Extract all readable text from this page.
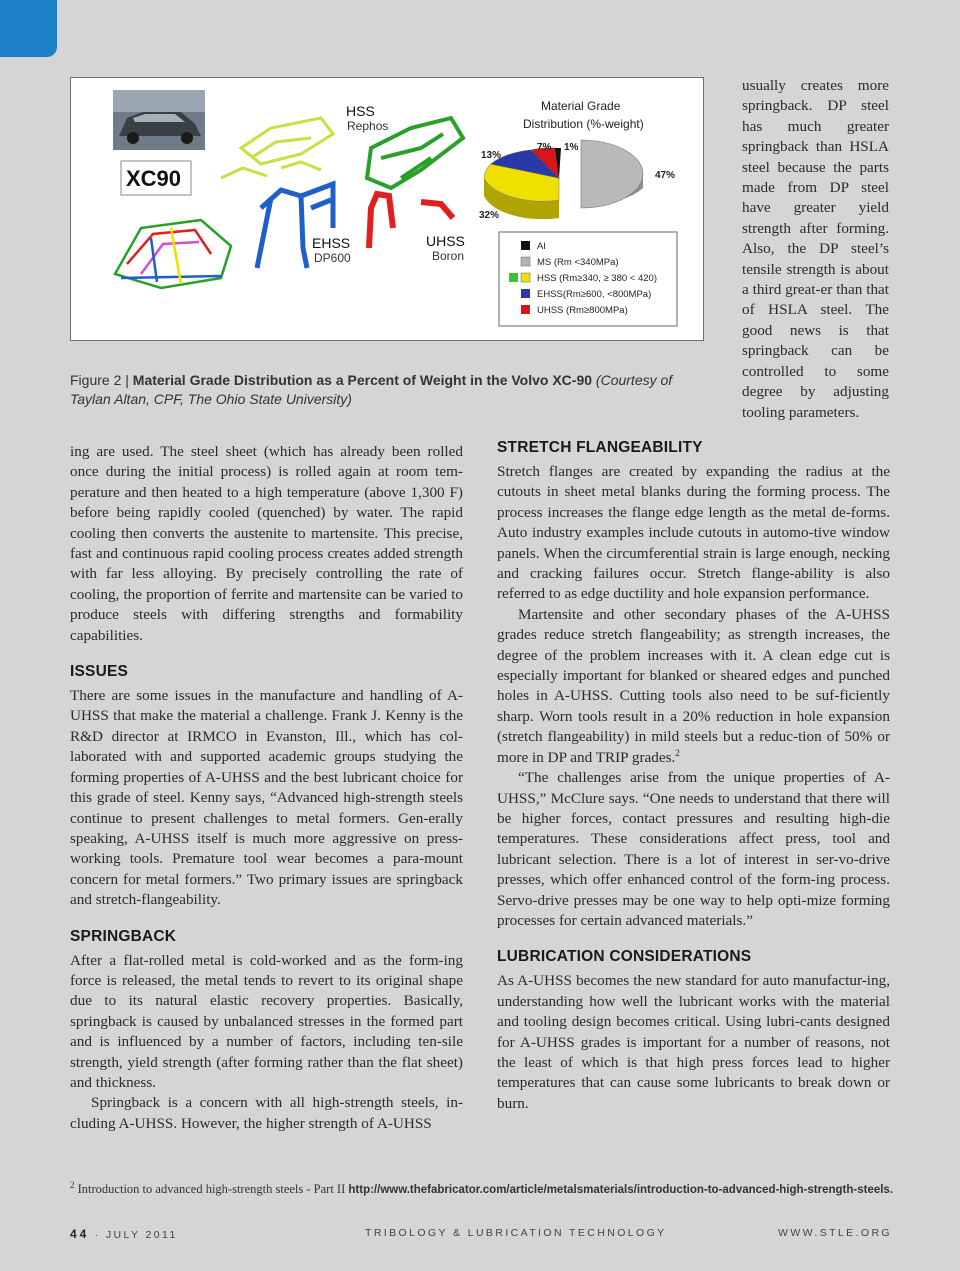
XC90
HSS
Rephos
EHSS
DP600
UHSS
Boron
Material Grade
Distribution (%-weight)
7% 1%
13%
47%
32%
Al
MS (Rm <340MPa)
HSS (Rm≥340, ≥ 380 < 420)
EHSS(Rm≥600, <800MPa)
UHSS (Rm≥800MPa)
Figure 2 | Material Grade Distribution as a Percent of Weight in the Volvo XC-90 (Courtesy of Taylan Altan, CPF, The Ohio State University)

usually creates more springback. DP steel has much greater springback than HSLA steel because the parts made from DP steel have greater yield strength after forming. Also, the DP steel’s tensile strength is about a third great-er than that of HSLA steel. The good news is that springback can be controlled to some degree by adjusting tooling parameters.

ing are used. The steel sheet (which has already been rolled once during the initial process) is rolled again at room tem-perature and then heated to a high temperature (above 1,300 F) before being rapidly cooled (quenched) by water. The rapid cooling then converts the austenite to martensite. This precise, fast and continuous rapid cooling process creates added strength with far less alloying. By precisely controlling the rate of cooling, the proportion of ferrite and martensite can be varied to produce steels with differing strengths and formability capabilities.

ISSUES

There are some issues in the manufacture and handling of A-UHSS that make the material a challenge. Frank J. Kenny is the R&D director at IRMCO in Evanston, Ill., which has col-laborated with and supported academic groups studying the forming properties of A-UHSS and the best lubricant choice for this grade of steel. Kenny says, “Advanced high-strength steels continue to present challenges to metal formers. Gen-erally speaking, A-UHSS itself is much more aggressive on press-working tools. Premature tool wear becomes a para-mount concern for metal formers.” Two primary issues are springback and stretch-flangeability.

SPRINGBACK

After a flat-rolled metal is cold-worked and as the form-ing force is released, the metal tends to revert to its original shape due to its natural elastic recovery properties. Basically, springback is caused by unbalanced stresses in the formed part and is influenced by a number of factors, including ten-sile strength, yield strength (after forming rather than the flat sheet) and thickness.

Springback is a concern with all high-strength steels, in-cluding A-UHSS. However, the higher strength of A-UHSS

STRETCH FLANGEABILITY

Stretch flanges are created by expanding the radius at the cutouts in sheet metal blanks during the forming process. The process increases the flange edge length as the metal de-forms. Auto industry examples include cutouts in automo-tive window panels. When the circumferential strain is large enough, necking and cracking failures occur. Stretch flange-ability is also referred to as edge ductility and hole expansion performance.

Martensite and other secondary phases of the A-UHSS grades reduce stretch flangeability; as strength increases, the degree of the problem increases with it. A clean edge cut is especially important for blanked or sheared edges and punched holes in A-UHSS. Cutting tools also need to be suf-ficiently sharp. Worn tools result in a 20% reduction in hole expansion (stretch flangeability) in mild steels but a reduc-tion of 50% or more in DP and TRIP grades.$^2$

“The challenges arise from the unique properties of A-UHSS,” McClure says. “One needs to understand that there will be higher forces, contact pressures and resulting high-die temperatures. These considerations affect press, tool and lubricant selection. There is a lot of interest in ser-vo-drive presses, which offer enhanced control of the form-ing process. Servo-drive presses may be one way to help opti-mize forming processes for certain advanced materials.”

LUBRICATION CONSIDERATIONS

As A-UHSS becomes the new standard for auto manufactur-ing, understanding how well the lubricant works with the material and tooling design becomes critical. Using lubri-cants designed for A-UHSS grades is important for a number of reasons, not the least of which is that high press forces lead to higher temperatures that can cause some lubricants to break down or burn.

$^2$ Introduction to advanced high-strength steels - Part II http://www.thefabricator.com/article/metalsmaterials/introduction-to-advanced-high-strength-steels.
44 · JULY 2011	TRIBOLOGY & LUBRICATION TECHNOLOGY	WWW.STLE.ORG
